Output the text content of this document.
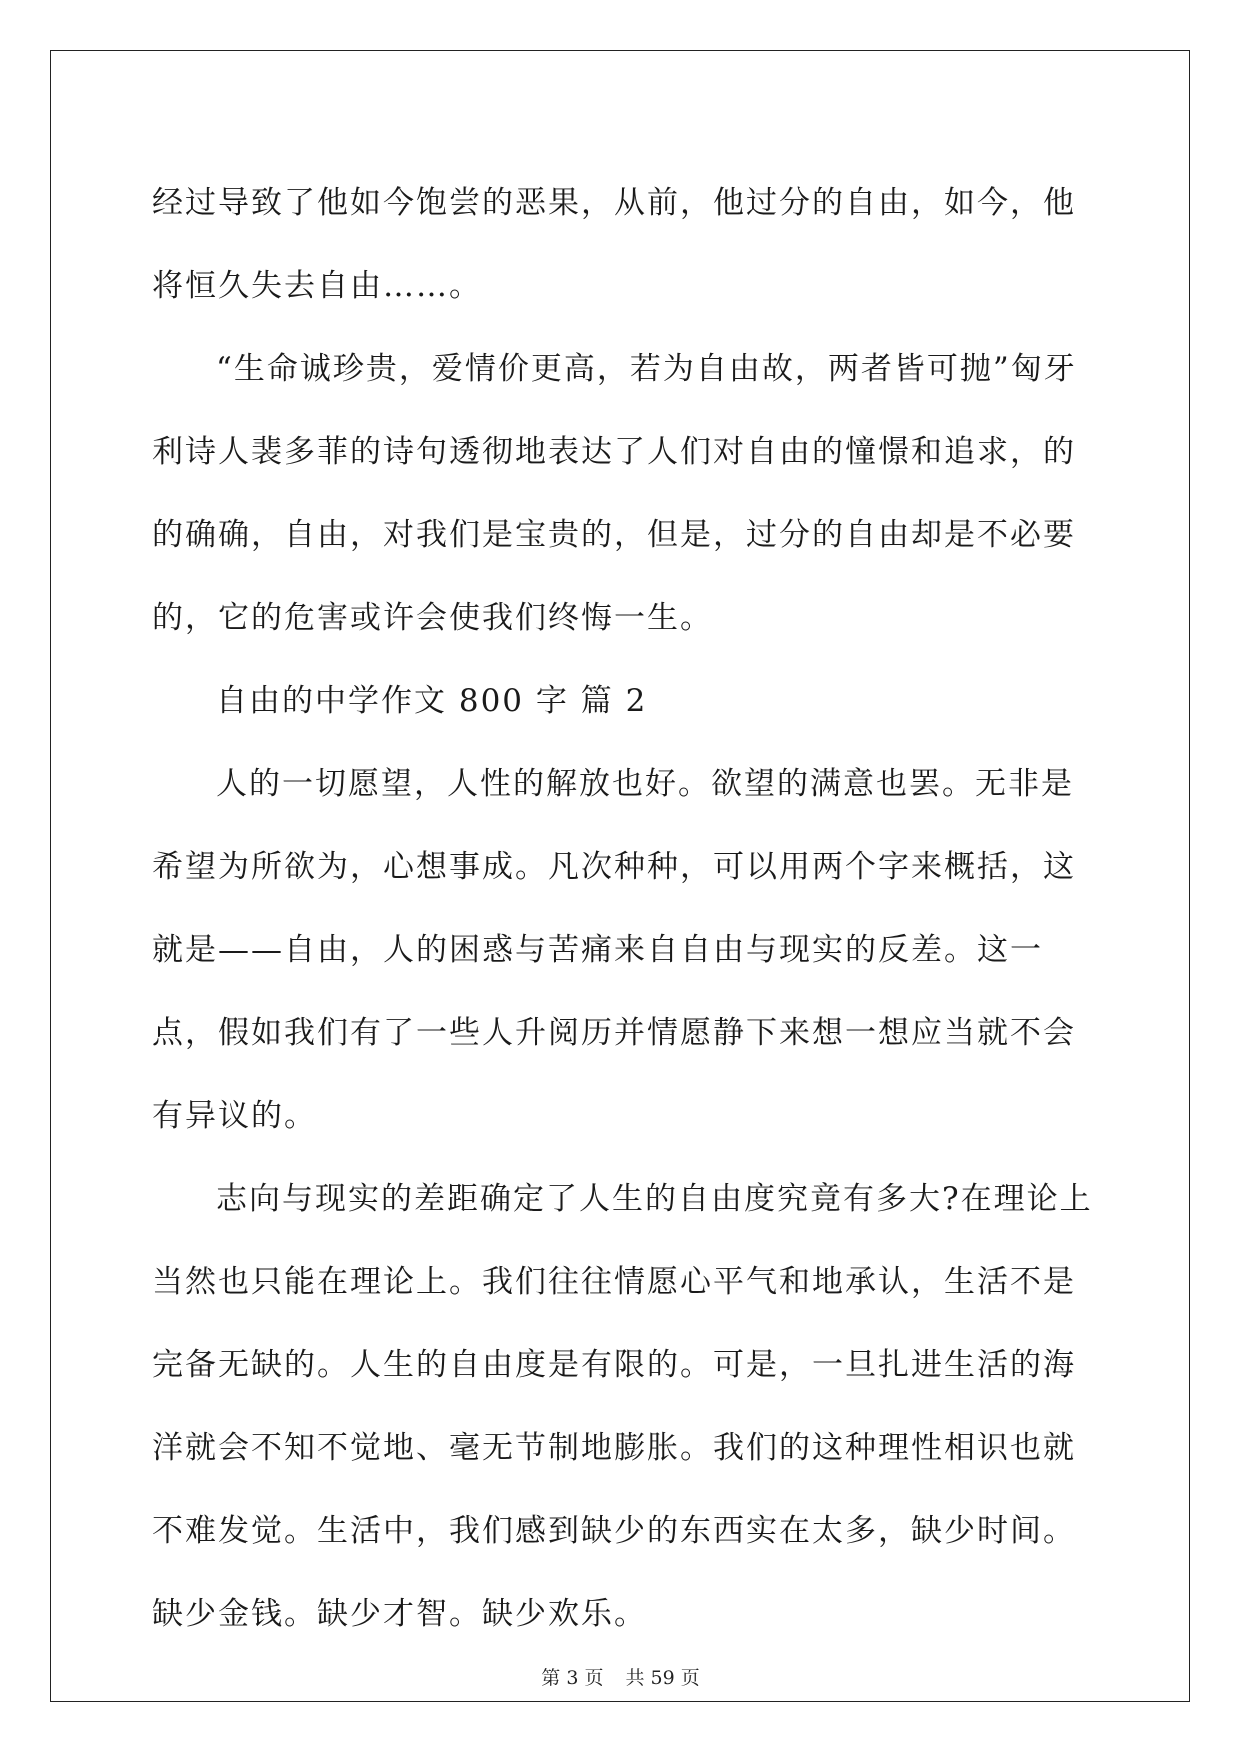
经过导致了他如今饱尝的恶果，从前，他过分的自由，如今，他将恒久失去自由……。

“生命诚珍贵，爱情价更高，若为自由故，两者皆可抛”匈牙利诗人裴多菲的诗句透彻地表达了人们对自由的憧憬和追求，的的确确，自由，对我们是宝贵的，但是，过分的自由却是不必要的，它的危害或许会使我们终悔一生。

自由的中学作文 800 字 篇 2

人的一切愿望，人性的解放也好。欲望的满意也罢。无非是希望为所欲为，心想事成。凡次种种，可以用两个字来概括，这就是——自由，人的困惑与苦痛来自自由与现实的反差。这一点，假如我们有了一些人升阅历并情愿静下来想一想应当就不会有异议的。

志向与现实的差距确定了人生的自由度究竟有多大?在理论上当然也只能在理论上。我们往往情愿心平气和地承认，生活不是完备无缺的。人生的自由度是有限的。可是，一旦扎进生活的海洋就会不知不觉地、毫无节制地膨胀。我们的这种理性相识也就不难发觉。生活中，我们感到缺少的东西实在太多，缺少时间。缺少金钱。缺少才智。缺少欢乐。

第 3 页 共 59 页
